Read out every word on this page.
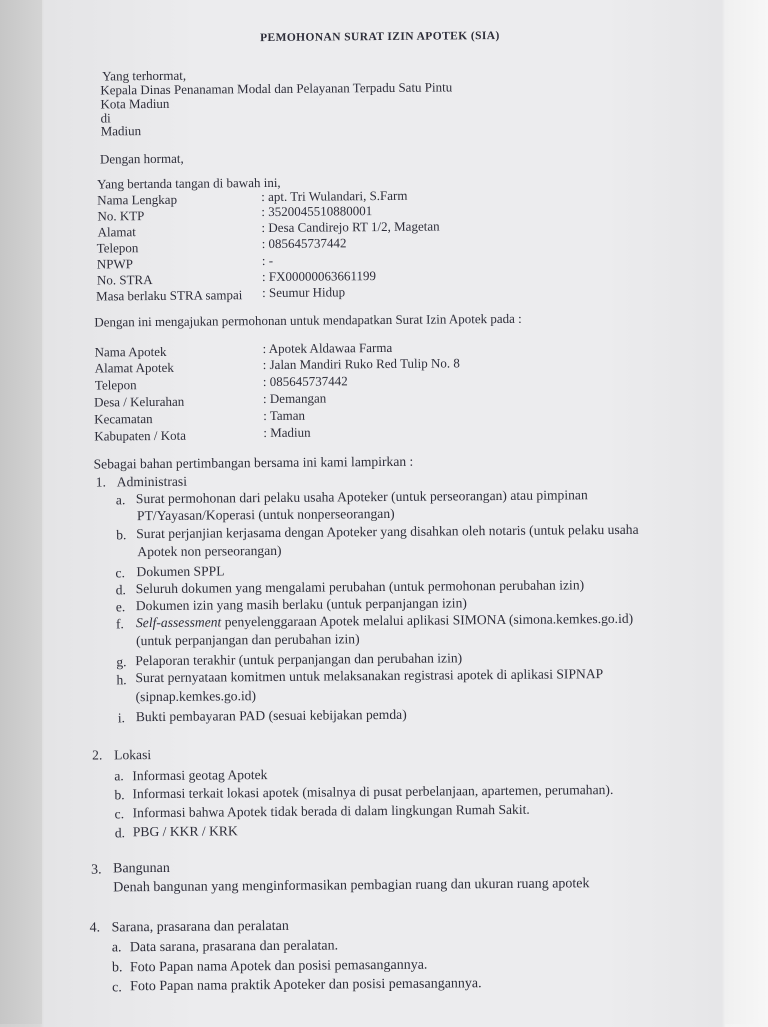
PEMOHONAN SURAT IZIN APOTEK (SIA)
Yang terhormat,
Kepala Dinas Penanaman Modal dan Pelayanan Terpadu Satu Pintu
Kota Madiun
di
Madiun
Dengan hormat,
Yang bertanda tangan di bawah ini,
Nama Lengkap	: apt. Tri Wulandari, S.Farm
No. KTP	: 3520045510880001
Alamat	: Desa Candirejo RT 1/2, Magetan
Telepon	: 085645737442
NPWP	: -
No. STRA	: FX00000063661199
Masa berlaku STRA sampai : Seumur Hidup
Dengan ini mengajukan permohonan untuk mendapatkan Surat Izin Apotek pada :
Nama Apotek	: Apotek Aldawaa Farma
Alamat Apotek	: Jalan Mandiri Ruko Red Tulip No. 8
Telepon	: 085645737442
Desa / Kelurahan	: Demangan
Kecamatan	: Taman
Kabupaten / Kota	: Madiun
Sebagai bahan pertimbangan bersama ini kami lampirkan :
1. Administrasi
a. Surat permohonan dari pelaku usaha Apoteker (untuk perseorangan) atau pimpinan
PT/Yayasan/Koperasi (untuk nonperseorangan)
b. Surat perjanjian kerjasama dengan Apoteker yang disahkan oleh notaris (untuk pelaku usaha
Apotek non perseorangan)
c. Dokumen SPPL
d. Seluruh dokumen yang mengalami perubahan (untuk permohonan perubahan izin)
e. Dokumen izin yang masih berlaku (untuk perpanjangan izin)
f. Self-assessment penyelenggaraan Apotek melalui aplikasi SIMONA (simona.kemkes.go.id)
(untuk perpanjangan dan perubahan izin)
g. Pelaporan terakhir (untuk perpanjangan dan perubahan izin)
h. Surat pernyataan komitmen untuk melaksanakan registrasi apotek di aplikasi SIPNAP
(sipnap.kemkes.go.id)
i. Bukti pembayaran PAD (sesuai kebijakan pemda)
2. Lokasi
a. Informasi geotag Apotek
b. Informasi terkait lokasi apotek (misalnya di pusat perbelanjaan, apartemen, perumahan).
c. Informasi bahwa Apotek tidak berada di dalam lingkungan Rumah Sakit.
d. PBG / KKR / KRK
3. Bangunan
Denah bangunan yang menginformasikan pembagian ruang dan ukuran ruang apotek
4. Sarana, prasarana dan peralatan
a. Data sarana, prasarana dan peralatan.
b. Foto Papan nama Apotek dan posisi pemasangannya.
c. Foto Papan nama praktik Apoteker dan posisi pemasangannya.
